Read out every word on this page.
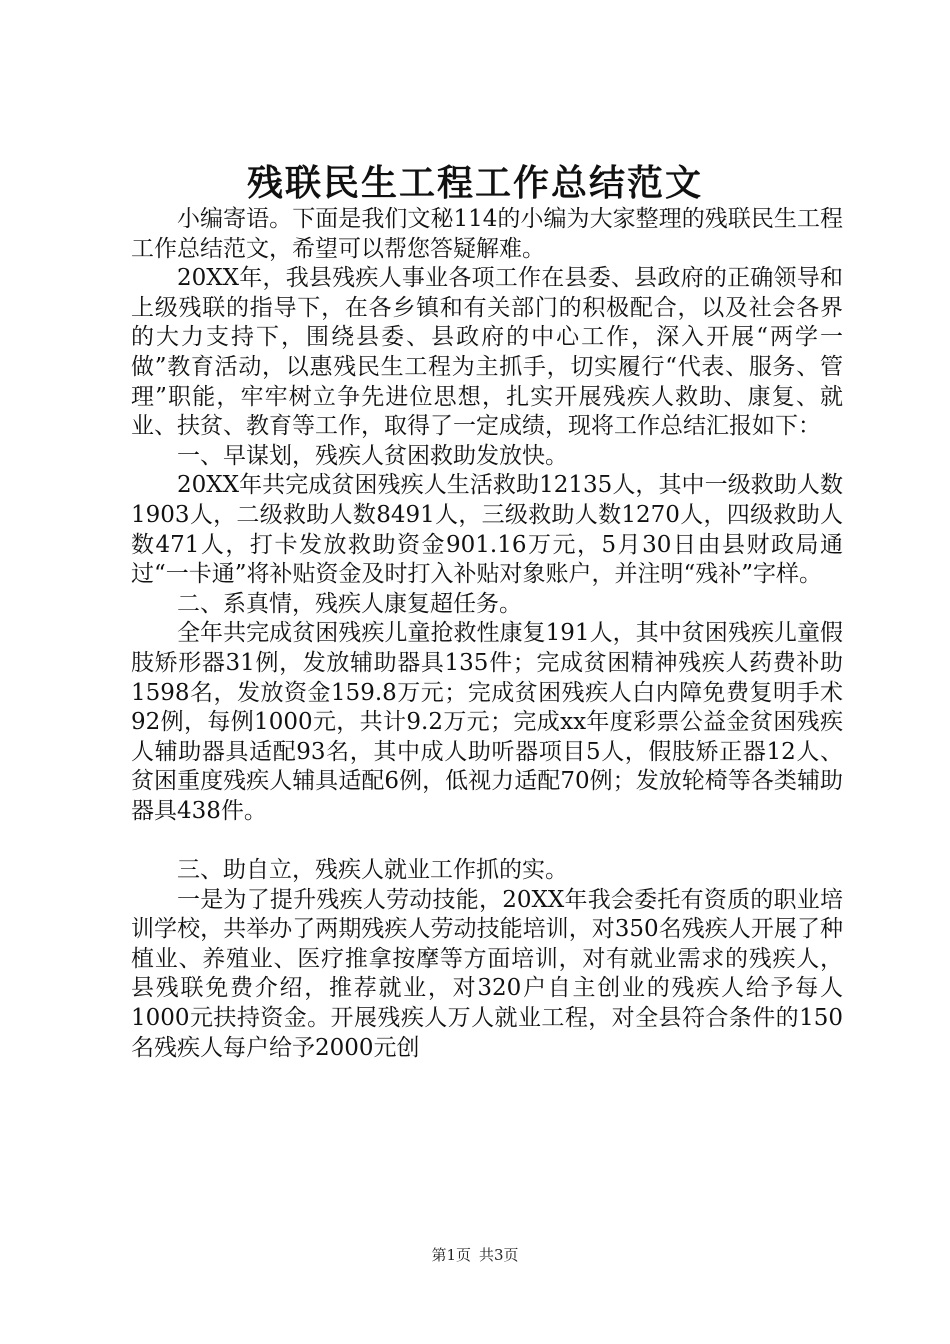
残联民生工程工作总结范文

小编寄语。下面是我们文秘114的小编为大家整理的残联民生工程工作总结范文，希望可以帮您答疑解难。

20XX年，我县残疾人事业各项工作在县委、县政府的正确领导和上级残联的指导下，在各乡镇和有关部门的积极配合，以及社会各界的大力支持下，围绕县委、县政府的中心工作，深入开展“两学一做”教育活动，以惠残民生工程为主抓手，切实履行“代表、服务、管理”职能，牢牢树立争先进位思想，扎实开展残疾人救助、康复、就业、扶贫、教育等工作，取得了一定成绩，现将工作总结汇报如下：

一、早谋划，残疾人贫困救助发放快。

20XX年共完成贫困残疾人生活救助12135人，其中一级救助人数1903人，二级救助人数8491人，三级救助人数1270人，四级救助人数471人，打卡发放救助资金901.16万元，5月30日由县财政局通过“一卡通”将补贴资金及时打入补贴对象账户，并注明“残补”字样。

二、系真情，残疾人康复超任务。

全年共完成贫困残疾儿童抢救性康复191人，其中贫困残疾儿童假肢矫形器31例，发放辅助器具135件；完成贫困精神残疾人药费补助1598名，发放资金159.8万元；完成贫困残疾人白内障免费复明手术92例，每例1000元，共计9.2万元；完成xx年度彩票公益金贫困残疾人辅助器具适配93名，其中成人助听器项目5人，假肢矫正器12人、贫困重度残疾人辅具适配6例，低视力适配70例；发放轮椅等各类辅助器具438件。

三、助自立，残疾人就业工作抓的实。

一是为了提升残疾人劳动技能，20XX年我会委托有资质的职业培训学校，共举办了两期残疾人劳动技能培训，对350名残疾人开展了种植业、养殖业、医疗推拿按摩等方面培训，对有就业需求的残疾人，县残联免费介绍，推荐就业，对320户自主创业的残疾人给予每人1000元扶持资金。开展残疾人万人就业工程，对全县符合条件的150名残疾人每户给予2000元创

第1页 共3页
